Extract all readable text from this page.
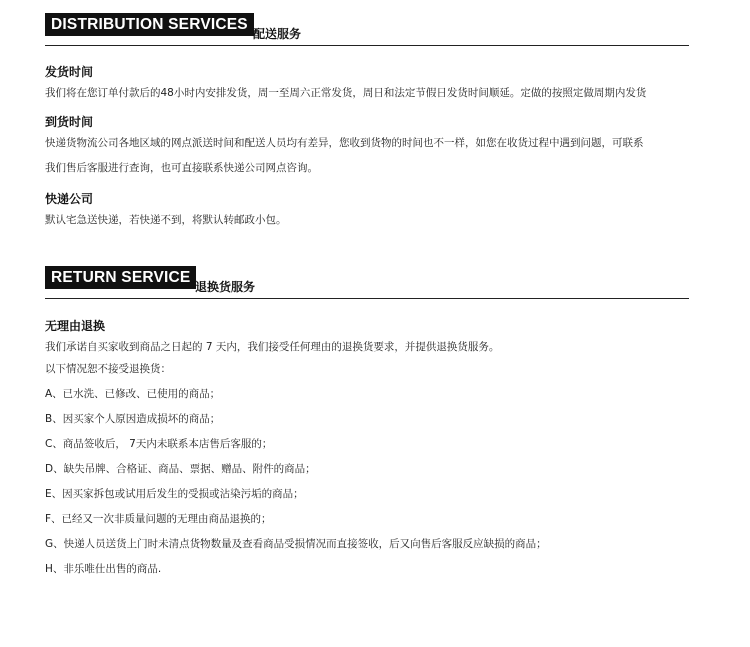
DISTRIBUTION SERVICES
配送服务
发货时间
我们将在您订单付款后的48小时内安排发货，周一至周六正常发货，周日和法定节假日发货时间顺延。定做的按照定做周期内发货
到货时间
快递货物流公司各地区域的网点派送时间和配送人员均有差异，您收到货物的时间也不一样，如您在收货过程中遇到问题，可联系
我们售后客服进行查询，也可直接联系快递公司网点咨询。
快递公司
默认宅急送快递，若快递不到，将默认转邮政小包。
RETURN SERVICE
退换货服务
无理由退换
我们承诺自买家收到商品之日起的 7 天内，我们接受任何理由的退换货要求，并提供退换货服务。
以下情况恕不接受退换货：
A、已水洗、已修改、已使用的商品；
B、因买家个人原因造成损坏的商品；
C、商品签收后， 7天内未联系本店售后客服的；
D、缺失吊牌、合格证、商品、票据、赠品、附件的商品；
E、因买家拆包或试用后发生的受损或沾染污垢的商品；
F、已经又一次非质量问题的无理由商品退换的；
G、快递人员送货上门时未清点货物数量及查看商品受损情况而直接签收，后又向售后客服反应缺损的商品；
H、非乐唯仕出售的商品.
